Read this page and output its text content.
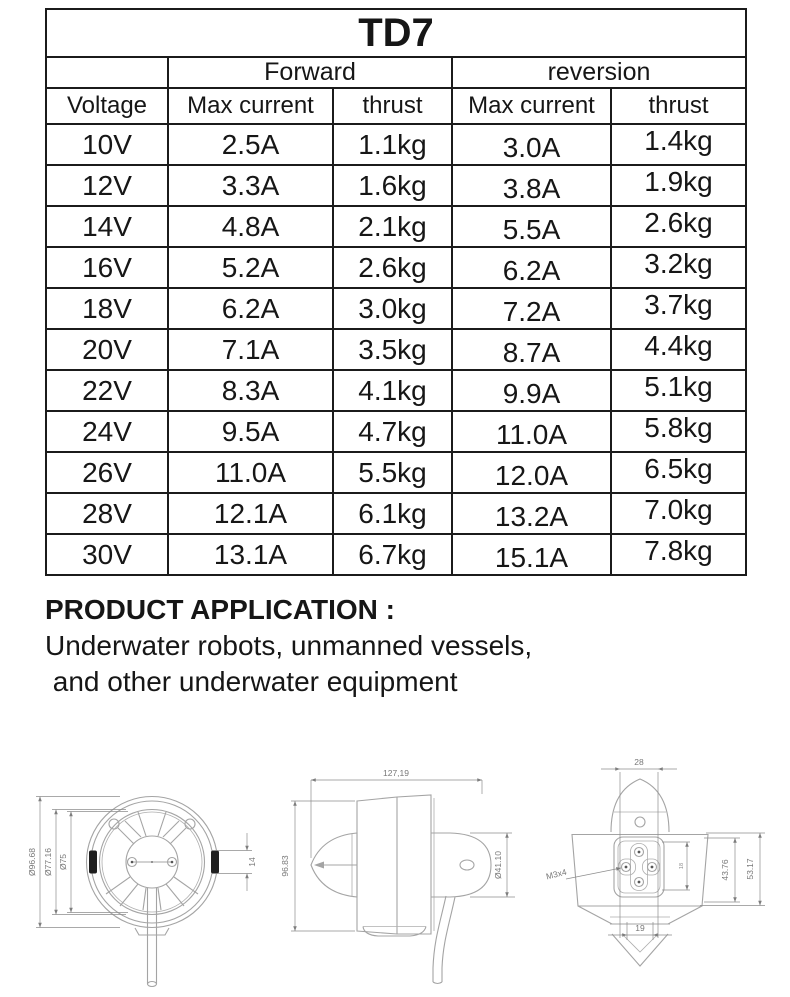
TD7				
	Forward		reversion	
Voltage	Max current	thrust	Max current	thrust
10V	2.5A	1.1kg	3.0A	1.4kg
12V	3.3A	1.6kg	3.8A	1.9kg
14V	4.8A	2.1kg	5.5A	2.6kg
16V	5.2A	2.6kg	6.2A	3.2kg
18V	6.2A	3.0kg	7.2A	3.7kg
20V	7.1A	3.5kg	8.7A	4.4kg
22V	8.3A	4.1kg	9.9A	5.1kg
24V	9.5A	4.7kg	11.0A	5.8kg
26V	11.0A	5.5kg	12.0A	6.5kg
28V	12.1A	6.1kg	13.2A	7.0kg
30V	13.1A	6.7kg	15.1A	7.8kg
PRODUCT APPLICATION :
Underwater robots, unmanned vessels,
and other underwater equipment
Ø96.68 Ø77.16 Ø75	14
127,19
96.83	Ø41.10
28
M3x4
18	43.76 53.17
19
